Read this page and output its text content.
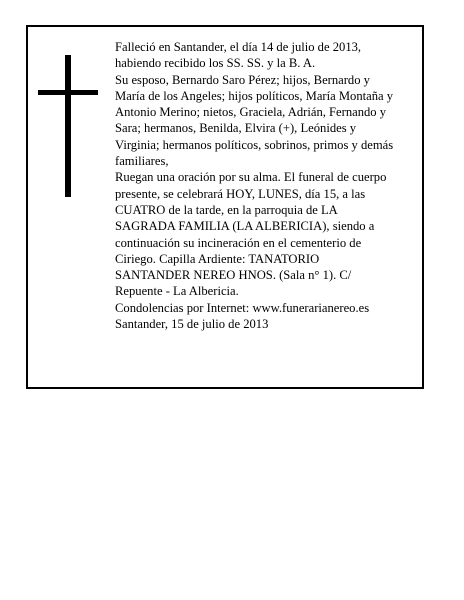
Falleció en Santander, el día 14 de julio de 2013,

habiendo recibido los SS. SS. y la B. A.

Su esposo, Bernardo Saro Pérez; hijos, Bernardo y

María de los Angeles; hijos políticos, María Montaña y

Antonio Merino; nietos, Graciela, Adrián, Fernando y

Sara; hermanos, Benilda, Elvira (+), Leónides y

Virginia; hermanos políticos, sobrinos, primos y demás

familiares,

Ruegan una oración por su alma. El funeral de cuerpo

presente, se celebrará HOY, LUNES, día 15, a las

CUATRO de la tarde, en la parroquia de LA

SAGRADA FAMILIA (LA ALBERICIA), siendo a

continuación su incineración en el cementerio de

Ciriego. Capilla Ardiente: TANATORIO

SANTANDER NEREO HNOS. (Sala n° 1). C/

Repuente - La Albericia.

Condolencias por Internet: www.funerarianereo.es

Santander, 15 de julio de 2013
